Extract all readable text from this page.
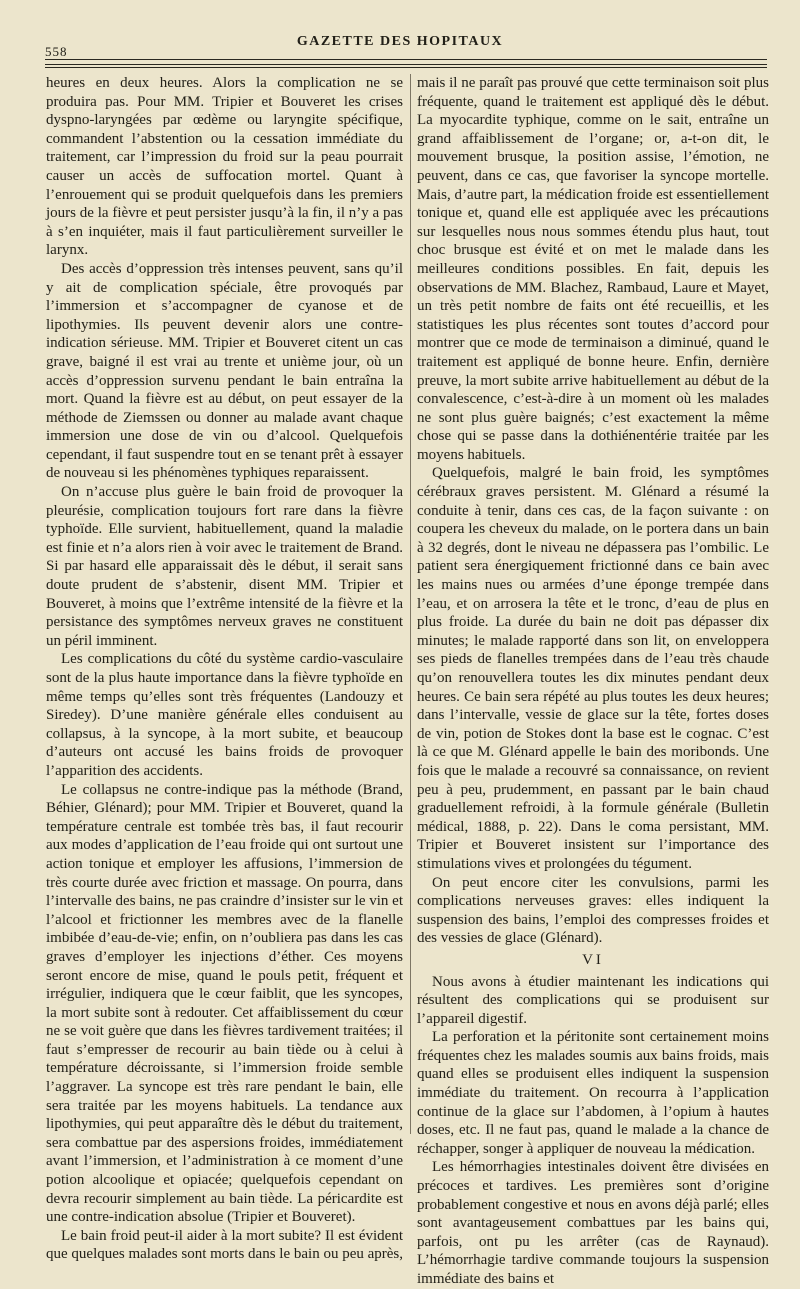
558
GAZETTE DES HOPITAUX

heures en deux heures. Alors la complication ne se produira pas. Pour MM. Tripier et Bouveret les crises dyspno-laryngées par œdème ou laryngite spécifique, commandent l’abstention ou la cessation immédiate du traitement, car l’impression du froid sur la peau pourrait causer un accès de suffocation mortel. Quant à l’enrouement qui se produit quelquefois dans les premiers jours de la fièvre et peut persister jusqu’à la fin, il n’y a pas à s’en inquiéter, mais il faut particulièrement surveiller le larynx.

Des accès d’oppression très intenses peuvent, sans qu’il y ait de complication spéciale, être provoqués par l’immersion et s’accompagner de cyanose et de lipothymies. Ils peuvent devenir alors une contre-indication sérieuse. MM. Tripier et Bouveret citent un cas grave, baigné il est vrai au trente et unième jour, où un accès d’oppression survenu pendant le bain entraîna la mort. Quand la fièvre est au début, on peut essayer de la méthode de Ziemssen ou donner au malade avant chaque immersion une dose de vin ou d’alcool. Quelquefois cependant, il faut suspendre tout en se tenant prêt à essayer de nouveau si les phénomènes typhiques reparaissent.

On n’accuse plus guère le bain froid de provoquer la pleurésie, complication toujours fort rare dans la fièvre typhoïde. Elle survient, habituellement, quand la maladie est finie et n’a alors rien à voir avec le traitement de Brand. Si par hasard elle apparaissait dès le début, il serait sans doute prudent de s’abstenir, disent MM. Tripier et Bouveret, à moins que l’extrême intensité de la fièvre et la persistance des symptômes nerveux graves ne constituent un péril imminent.

Les complications du côté du système cardio-vasculaire sont de la plus haute importance dans la fièvre typhoïde en même temps qu’elles sont très fréquentes (Landouzy et Siredey). D’une manière générale elles conduisent au collapsus, à la syncope, à la mort subite, et beaucoup d’auteurs ont accusé les bains froids de provoquer l’apparition des accidents.

Le collapsus ne contre-indique pas la méthode (Brand, Béhier, Glénard); pour MM. Tripier et Bouveret, quand la température centrale est tombée très bas, il faut recourir aux modes d’application de l’eau froide qui ont surtout une action tonique et employer les affusions, l’immersion de très courte durée avec friction et massage. On pourra, dans l’intervalle des bains, ne pas craindre d’insister sur le vin et l’alcool et frictionner les membres avec de la flanelle imbibée d’eau-de-vie; enfin, on n’oubliera pas dans les cas graves d’employer les injections d’éther. Ces moyens seront encore de mise, quand le pouls petit, fréquent et irrégulier, indiquera que le cœur faiblit, que les syncopes, la mort subite sont à redouter. Cet affaiblissement du cœur ne se voit guère que dans les fièvres tardivement traitées; il faut s’empresser de recourir au bain tiède ou à celui à température décroissante, si l’immersion froide semble l’aggraver. La syncope est très rare pendant le bain, elle sera traitée par les moyens habituels. La tendance aux lipothymies, qui peut apparaître dès le début du traitement, sera combattue par des aspersions froides, immédiatement avant l’immersion, et l’administration à ce moment d’une potion alcoolique et opiacée; quelquefois cependant on devra recourir simplement au bain tiède. La péricardite est une contre-indication absolue (Tripier et Bouveret).

Le bain froid peut-il aider à la mort subite? Il est évident que quelques malades sont morts dans le bain ou peu après,

mais il ne paraît pas prouvé que cette terminaison soit plus fréquente, quand le traitement est appliqué dès le début. La myocardite typhique, comme on le sait, entraîne un grand affaiblissement de l’organe; or, a-t-on dit, le mouvement brusque, la position assise, l’émotion, ne peuvent, dans ce cas, que favoriser la syncope mortelle. Mais, d’autre part, la médication froide est essentiellement tonique et, quand elle est appliquée avec les précautions sur lesquelles nous nous sommes étendu plus haut, tout choc brusque est évité et on met le malade dans les meilleures conditions possibles. En fait, depuis les observations de MM. Blachez, Rambaud, Laure et Mayet, un très petit nombre de faits ont été recueillis, et les statistiques les plus récentes sont toutes d’accord pour montrer que ce mode de terminaison a diminué, quand le traitement est appliqué de bonne heure. Enfin, dernière preuve, la mort subite arrive habituellement au début de la convalescence, c’est-à-dire à un moment où les malades ne sont plus guère baignés; c’est exactement la même chose qui se passe dans la dothiénentérie traitée par les moyens habituels.

Quelquefois, malgré le bain froid, les symptômes cérébraux graves persistent. M. Glénard a résumé la conduite à tenir, dans ces cas, de la façon suivante : on coupera les cheveux du malade, on le portera dans un bain à 32 degrés, dont le niveau ne dépassera pas l’ombilic. Le patient sera énergiquement frictionné dans ce bain avec les mains nues ou armées d’une éponge trempée dans l’eau, et on arrosera la tête et le tronc, d’eau de plus en plus froide. La durée du bain ne doit pas dépasser dix minutes; le malade rapporté dans son lit, on enveloppera ses pieds de flanelles trempées dans de l’eau très chaude qu’on renouvellera toutes les dix minutes pendant deux heures. Ce bain sera répété au plus toutes les deux heures; dans l’intervalle, vessie de glace sur la tête, fortes doses de vin, potion de Stokes dont la base est le cognac. C’est là ce que M. Glénard appelle le bain des moribonds. Une fois que le malade a recouvré sa connaissance, on revient peu à peu, prudemment, en passant par le bain chaud graduellement refroidi, à la formule générale (Bulletin médical, 1888, p. 22). Dans le coma persistant, MM. Tripier et Bouveret insistent sur l’importance des stimulations vives et prolongées du tégument.

On peut encore citer les convulsions, parmi les complications nerveuses graves: elles indiquent la suspension des bains, l’emploi des compresses froides et des vessies de glace (Glénard).

VI

Nous avons à étudier maintenant les indications qui résultent des complications qui se produisent sur l’appareil digestif.

La perforation et la péritonite sont certainement moins fréquentes chez les malades soumis aux bains froids, mais quand elles se produisent elles indiquent la suspension immédiate du traitement. On recourra à l’application continue de la glace sur l’abdomen, à l’opium à hautes doses, etc. Il ne faut pas, quand le malade a la chance de réchapper, songer à appliquer de nouveau la médication.

Les hémorrhagies intestinales doivent être divisées en précoces et tardives. Les premières sont d’origine probablement congestive et nous en avons déjà parlé; elles sont avantageusement combattues par les bains qui, parfois, ont pu les arrêter (cas de Raynaud). L’hémorrhagie tardive commande toujours la suspension immédiate des bains et
